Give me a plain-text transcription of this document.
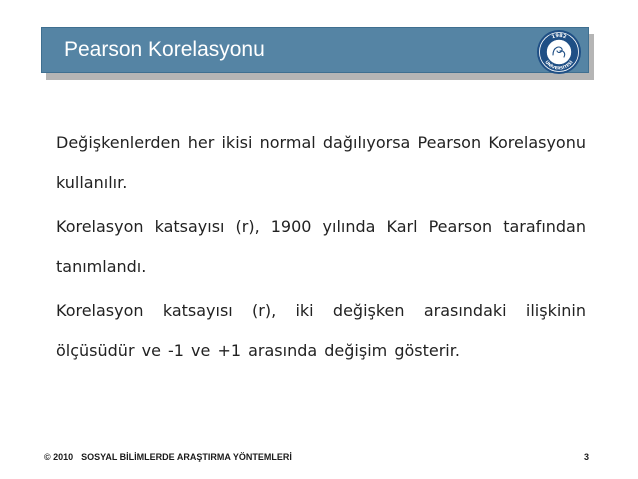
Pearson Korelasyonu
1982
ÜNİVERSİTESİ

Değişkenlerden her ikisi normal dağılıyorsa Pearson Korelasyonu kullanılır.

Korelasyon katsayısı (r), 1900 yılında Karl Pearson tarafından tanımlandı.

Korelasyon katsayısı (r), iki değişken arasındaki ilişkinin ölçüsüdür ve -1 ve +1 arasında değişim gösterir.

© 2010 SOSYAL BİLİMLERDE ARAŞTIRMA YÖNTEMLERİ	3
